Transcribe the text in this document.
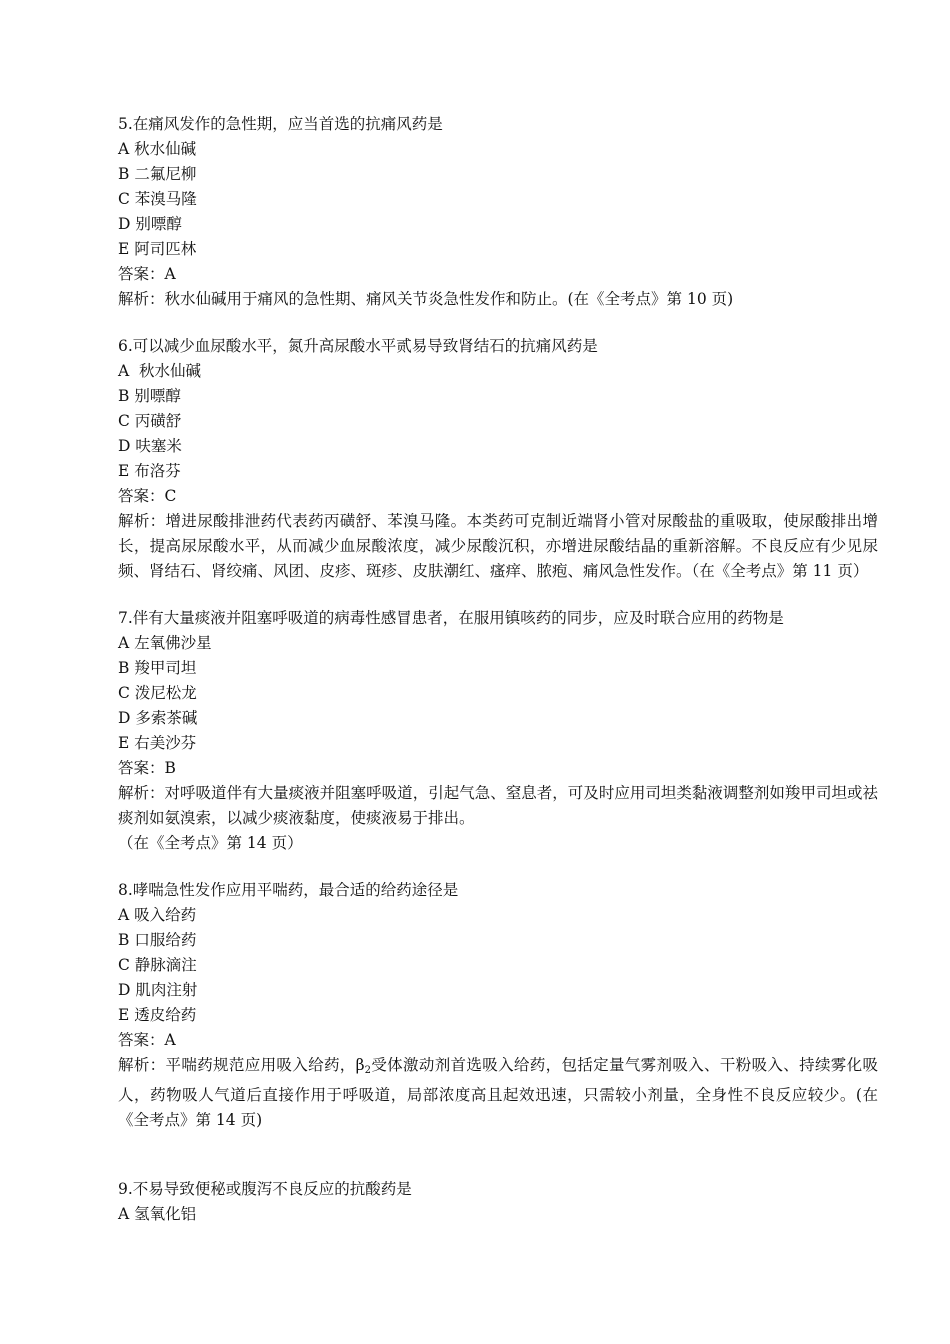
5.在痛风发作的急性期，应当首选的抗痛风药是
A 秋水仙碱
B 二氟尼柳
C 苯溴马隆
D 别嘌醇
E 阿司匹林
答案：A
解析：秋水仙碱用于痛风的急性期、痛风关节炎急性发作和防止。(在《全考点》第 10 页)
6.可以减少血尿酸水平，氮升高尿酸水平贰易导致肾结石的抗痛风药是
A  秋水仙碱
B 别嘌醇
C 丙磺舒
D 呋塞米
E 布洛芬
答案：C
解析：增进尿酸排泄药代表药丙磺舒、苯溴马隆。本类药可克制近端肾小管对尿酸盐的重吸取，使尿酸排出增长，提高尿尿酸水平，从而减少血尿酸浓度，减少尿酸沉积，亦增进尿酸结晶的重新溶解。不良反应有少见尿频、肾结石、肾绞痛、风团、皮疹、斑疹、皮肤潮红、瘙痒、脓疱、痛风急性发作。（在《全考点》第 11 页）
7.伴有大量痰液并阻塞呼吸道的病毒性感冒患者，在服用镇咳药的同步，应及时联合应用的药物是
A 左氧佛沙星
B 羧甲司坦
C 泼尼松龙
D 多索茶碱
E 右美沙芬
答案：B
解析：对呼吸道伴有大量痰液并阻塞呼吸道，引起气急、窒息者，可及时应用司坦类黏液调整剂如羧甲司坦或祛痰剂如氨溴索，以减少痰液黏度，使痰液易于排出。
（在《全考点》第 14 页）
8.哮喘急性发作应用平喘药，最合适的给药途径是
A 吸入给药
B 口服给药
C 静脉滴注
D 肌肉注射
E 透皮给药
答案：A
解析：平喘药规范应用吸入给药，$\beta_2$受体激动剂首选吸入给药，包括定量气雾剂吸入、干粉吸入、持续雾化吸人，药物吸人气道后直接作用于呼吸道，局部浓度高且起效迅速，只需较小剂量，全身性不良反应较少。(在《全考点》第 14 页)
9.不易导致便秘或腹泻不良反应的抗酸药是
A 氢氧化铝
